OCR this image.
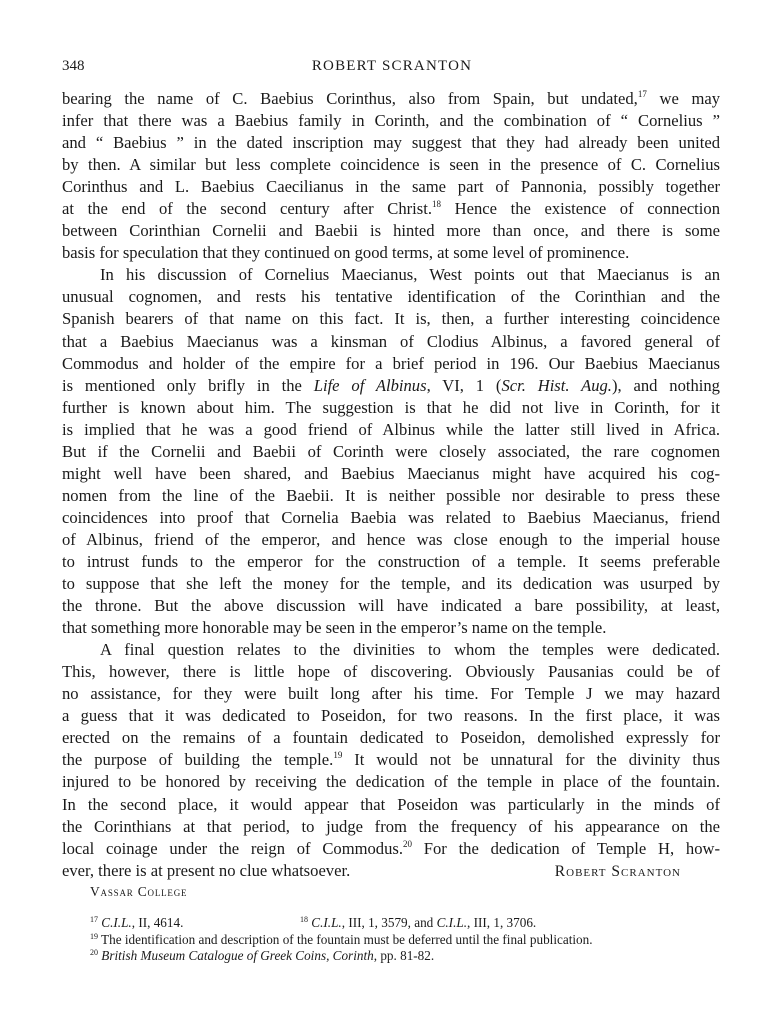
348	ROBERT SCRANTON
bearing the name of C. Baebius Corinthus, also from Spain, but undated,$^{17}$ we may
infer that there was a Baebius family in Corinth, and the combination of “ Cornelius ”
and “ Baebius ” in the dated inscription may suggest that they had already been united
by then. A similar but less complete coincidence is seen in the presence of C. Cornelius
Corinthus and L. Baebius Caecilianus in the same part of Pannonia, possibly together
at the end of the second century after Christ.$^{18}$ Hence the existence of connection
between Corinthian Cornelii and Baebii is hinted more than once, and there is some
basis for speculation that they continued on good terms, at some level of prominence.
In his discussion of Cornelius Maecianus, West points out that Maecianus is an
unusual cognomen, and rests his tentative identification of the Corinthian and the
Spanish bearers of that name on this fact. It is, then, a further interesting coincidence
that a Baebius Maecianus was a kinsman of Clodius Albinus, a favored general of
Commodus and holder of the empire for a brief period in 196. Our Baebius Maecianus
is mentioned only brifly in the Life of Albinus, VI, 1 (Scr. Hist. Aug.), and nothing
further is known about him. The suggestion is that he did not live in Corinth, for it
is implied that he was a good friend of Albinus while the latter still lived in Africa.
But if the Cornelii and Baebii of Corinth were closely associated, the rare cognomen
might well have been shared, and Baebius Maecianus might have acquired his cog-
nomen from the line of the Baebii. It is neither possible nor desirable to press these
coincidences into proof that Cornelia Baebia was related to Baebius Maecianus, friend
of Albinus, friend of the emperor, and hence was close enough to the imperial house
to intrust funds to the emperor for the construction of a temple. It seems preferable
to suppose that she left the money for the temple, and its dedication was usurped by
the throne. But the above discussion will have indicated a bare possibility, at least,
that something more honorable may be seen in the emperor’s name on the temple.
A final question relates to the divinities to whom the temples were dedicated.
This, however, there is little hope of discovering. Obviously Pausanias could be of
no assistance, for they were built long after his time. For Temple J we may hazard
a guess that it was dedicated to Poseidon, for two reasons. In the first place, it was
erected on the remains of a fountain dedicated to Poseidon, demolished expressly for
the purpose of building the temple.$^{19}$ It would not be unnatural for the divinity thus
injured to be honored by receiving the dedication of the temple in place of the fountain.
In the second place, it would appear that Poseidon was particularly in the minds of
the Corinthians at that period, to judge from the frequency of his appearance on the
local coinage under the reign of Commodus.$^{20}$ For the dedication of Temple H, how-
ever, there is at present no clue whatsoever.	Robert Scranton
Vassar College
$^{17}$ C.I.L., II, 4614.	$^{18}$ C.I.L., III, 1, 3579, and C.I.L., III, 1, 3706.
$^{19}$ The identification and description of the fountain must be deferred until the final publication.
$^{20}$ British Museum Catalogue of Greek Coins, Corinth, pp. 81-82.
